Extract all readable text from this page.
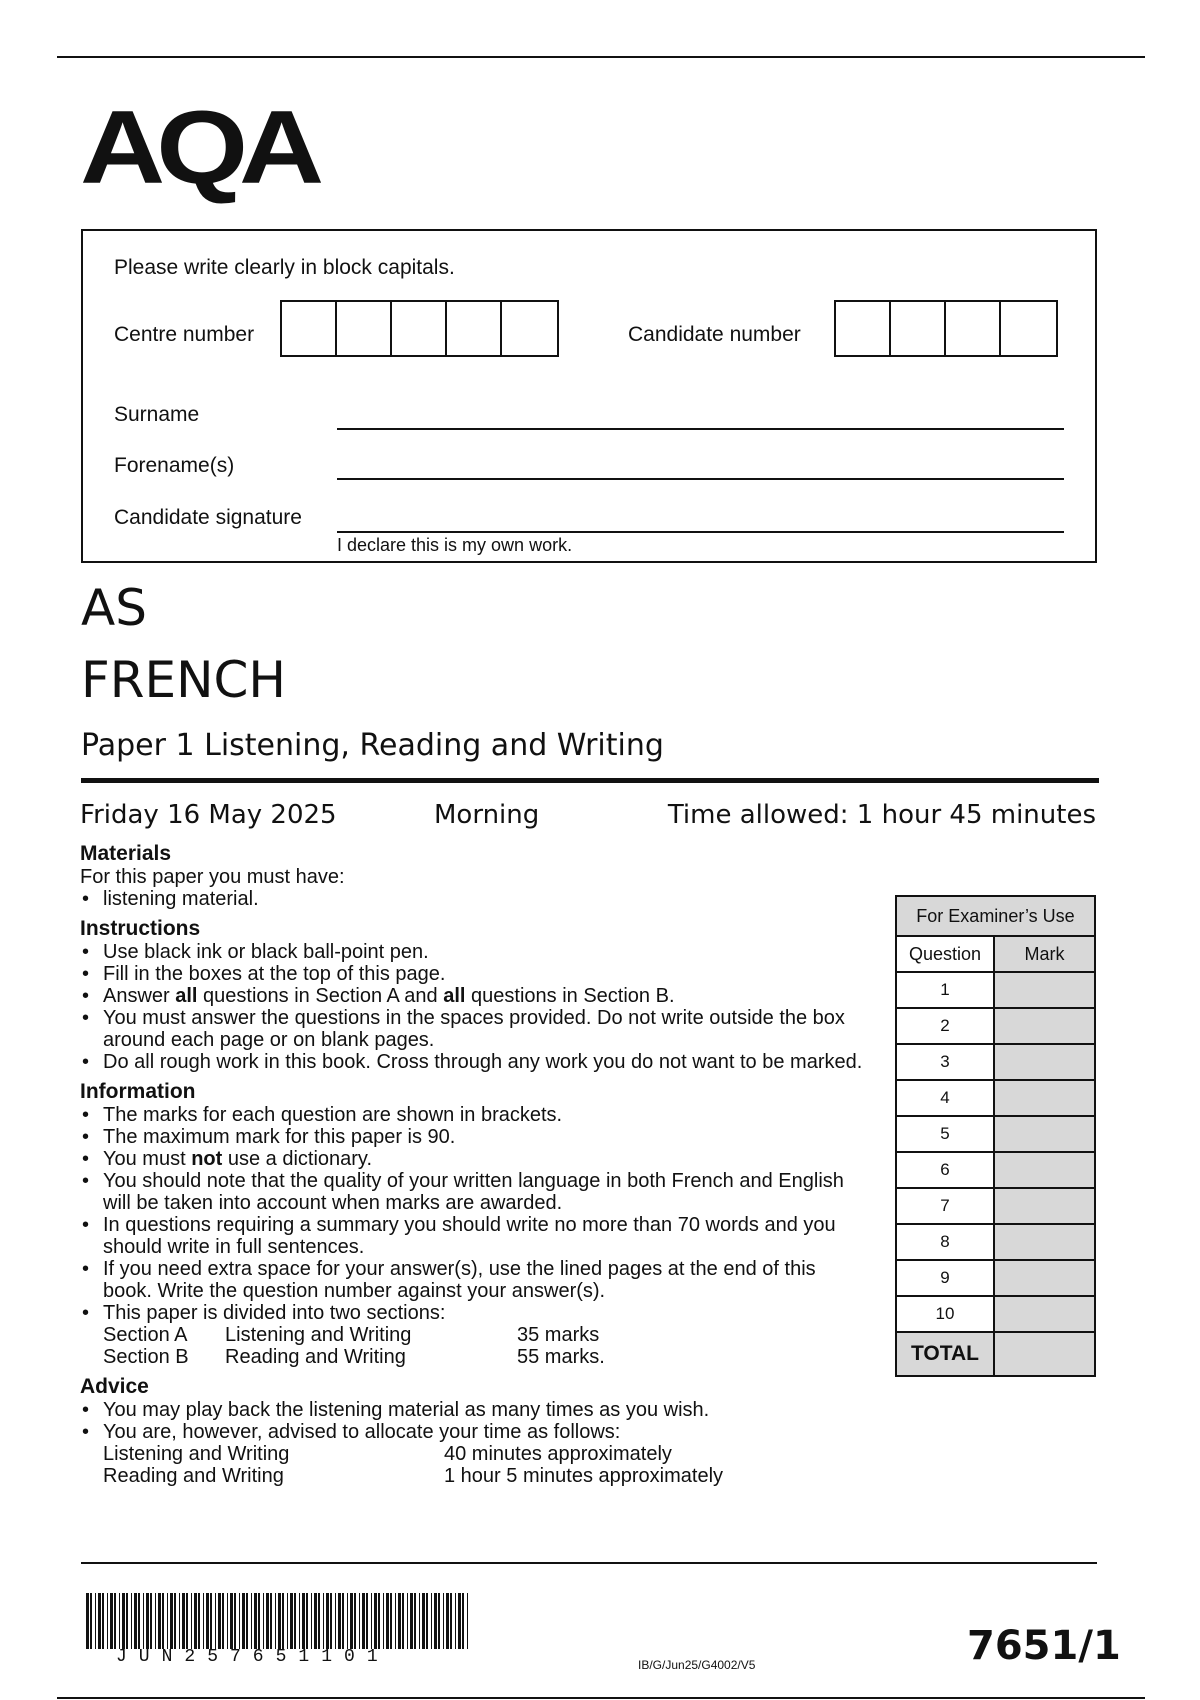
AQA
Please write clearly in block capitals.
Centre number	Candidate number
Surname
Forename(s)
Candidate signature
I declare this is my own work.
AS
FRENCH
Paper 1 Listening, Reading and Writing
Friday 16 May 2025	Morning	Time allowed: 1 hour 45 minutes
Materials

For this paper you must have:

• listening material.
Instructions
• Use black ink or black ball-point pen.
• Fill in the boxes at the top of this page.
• Answer all questions in Section A and all questions in Section B.
• You must answer the questions in the spaces provided. Do not write outside the box around each page or on blank pages.
• Do all rough work in this book. Cross through any work you do not want to be marked.
Information
• The marks for each question are shown in brackets.
• The maximum mark for this paper is 90.
• You must not use a dictionary.
• You should note that the quality of your written language in both French and English will be taken into account when marks are awarded.
• In questions requiring a summary you should write no more than 70 words and you should write in full sentences.
• If you need extra space for your answer(s), use the lined pages at the end of this book. Write the question number against your answer(s).
• This paper is divided into two sections:
Section A	Listening and Writing	35 marks
Section B	Reading and Writing	55 marks.
Advice
• You may play back the listening material as many times as you wish.
• You are, however, advised to allocate your time as follows:
Listening and Writing	40 minutes approximately
Reading and Writing	1 hour 5 minutes approximately
For Examiner’s Use
Question	Mark
1
2
3
4
5
6
7
8
9
10
TOTAL
JUN257651101	IB/G/Jun25/G4002/V5	7651/1
